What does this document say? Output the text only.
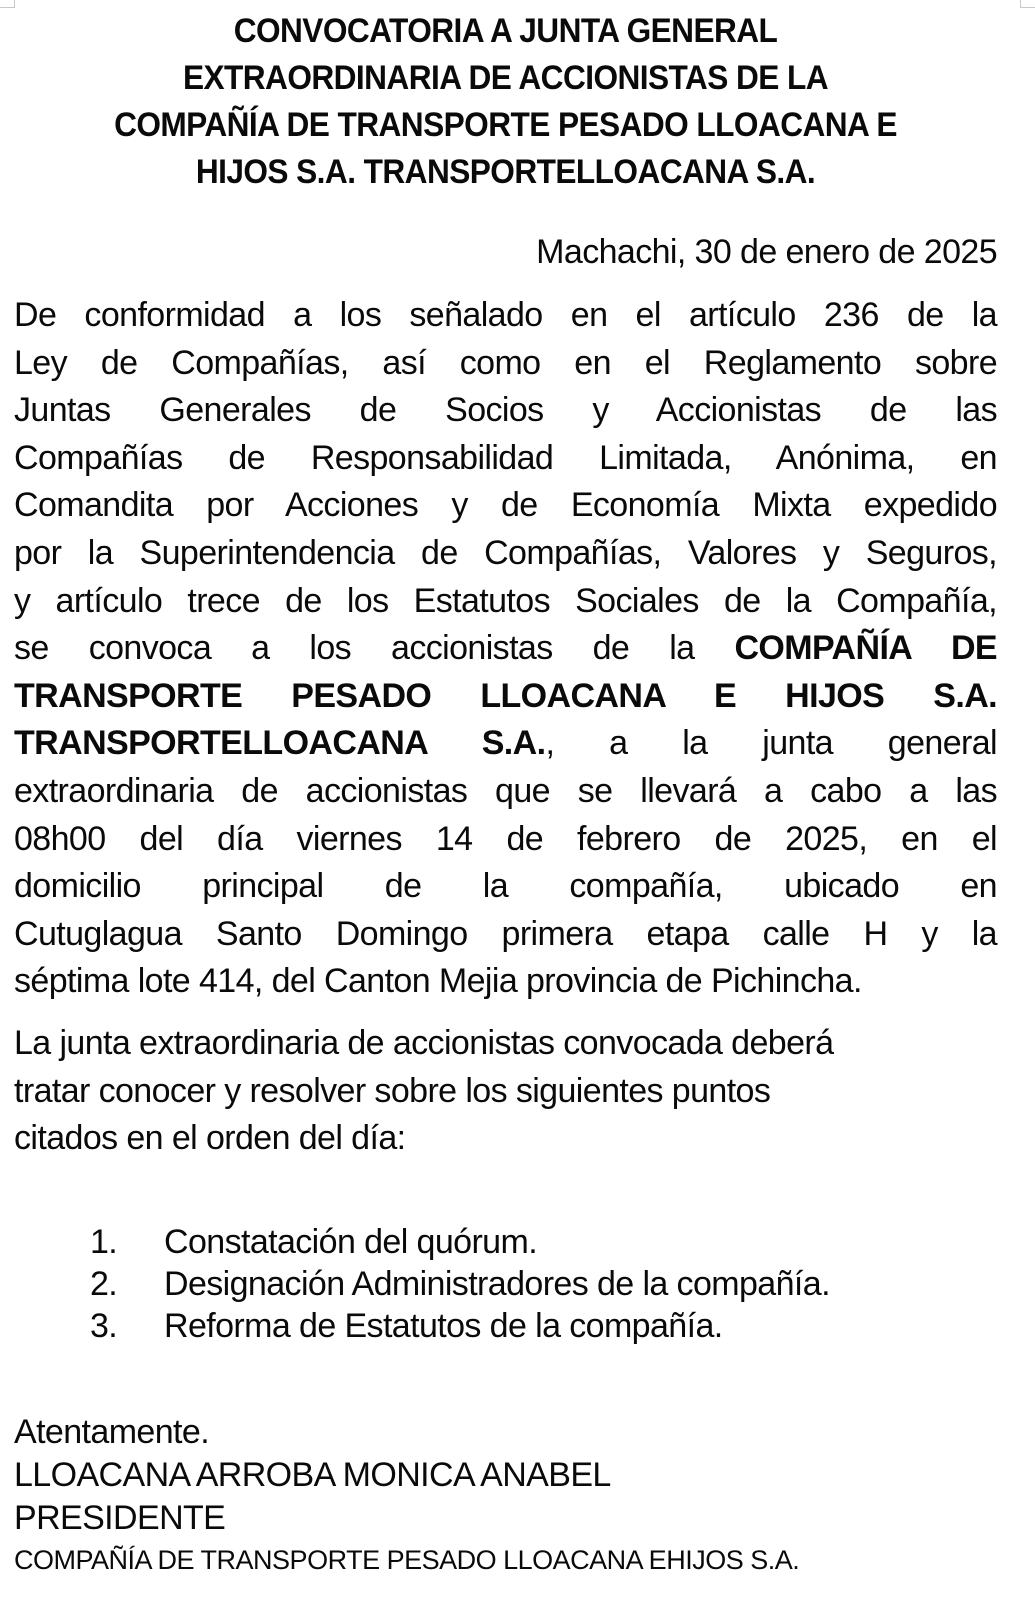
CONVOCATORIA A JUNTA GENERAL
EXTRAORDINARIA DE ACCIONISTAS DE LA
COMPAÑÍA DE TRANSPORTE PESADO LLOACANA E
HIJOS S.A. TRANSPORTELLOACANA S.A.
Machachi, 30 de enero de 2025

De conformidad a los señalado en el artículo 236 de la
Ley de Compañías, así como en el Reglamento sobre
Juntas Generales de Socios y Accionistas de las
Compañías de Responsabilidad Limitada, Anónima, en
Comandita por Acciones y de Economía Mixta expedido
por la Superintendencia de Compañías, Valores y Seguros,
y artículo trece de los Estatutos Sociales de la Compañía,
se convoca a los accionistas de la COMPAÑÍA DE
TRANSPORTE PESADO LLOACANA E HIJOS S.A.
TRANSPORTELLOACANA S.A., a la junta general
extraordinaria de accionistas que se llevará a cabo a las
08h00 del día viernes 14 de febrero de 2025, en el
domicilio principal de la compañía, ubicado en
Cutuglagua Santo Domingo primera etapa calle H y la
séptima lote 414, del Canton Mejia provincia de Pichincha.

La junta extraordinaria de accionistas convocada deberá
tratar conocer y resolver sobre los siguientes puntos
citados en el orden del día:

1.	Constatación del quórum.
2.	Designación Administradores de la compañía.
3.	Reforma de Estatutos de la compañía.
Atentamente.
LLOACANA ARROBA MONICA ANABEL
PRESIDENTE
COMPAÑÍA DE TRANSPORTE PESADO LLOACANA EHIJOS S.A.
